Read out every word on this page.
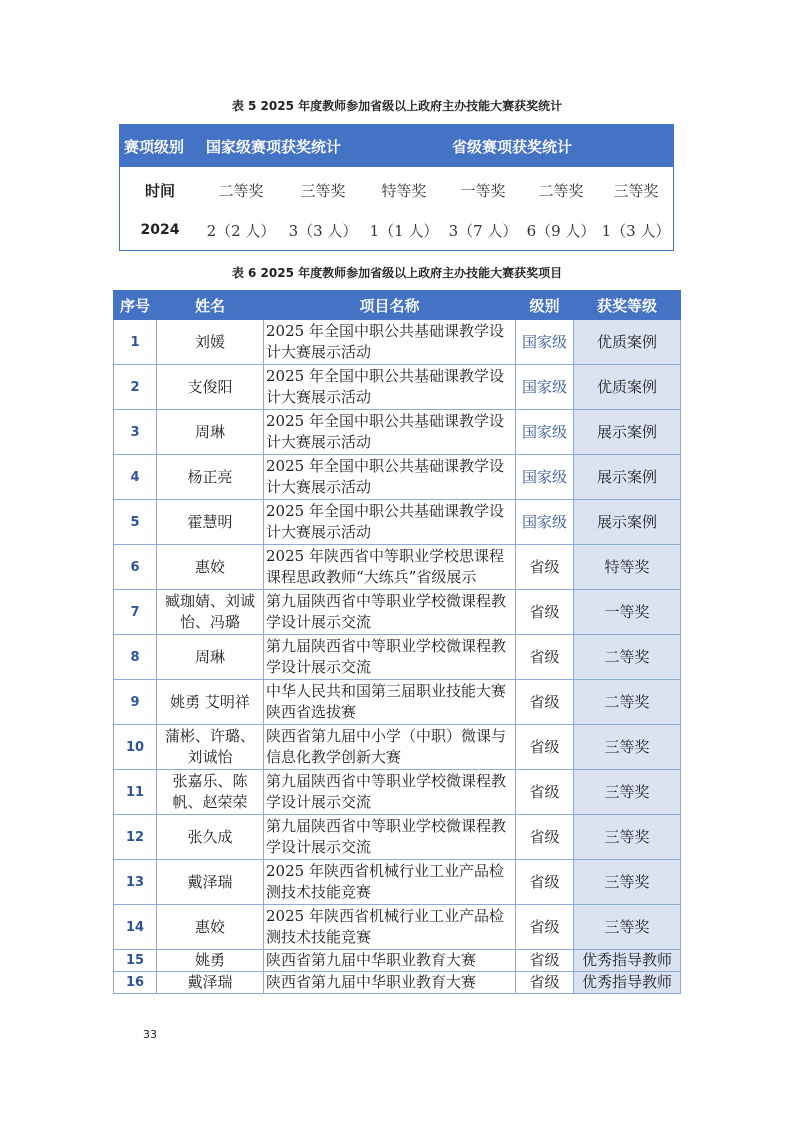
表 5 2025 年度教师参加省级以上政府主办技能大赛获奖统计
赛项级别 国家级赛项获奖统计	省级赛项获奖统计
时间	二等奖	三等奖	特等奖	一等奖	二等奖	三等奖
2024	2（2 人） 3（3 人） 1（1 人） 3（7 人） 6（9 人） 1（3 人）
表 6 2025 年度教师参加省级以上政府主办技能大赛获奖项目
序号	姓名	项目名称	级别	获奖等级
1	刘媛	2025 年全国中职公共基础课教学设计大赛展示活动	国家级	优质案例
2	支俊阳	2025 年全国中职公共基础课教学设计大赛展示活动	国家级	优质案例
3	周琳	2025 年全国中职公共基础课教学设计大赛展示活动	国家级	展示案例
4	杨正亮	2025 年全国中职公共基础课教学设计大赛展示活动	国家级	展示案例
5	霍慧明	2025 年全国中职公共基础课教学设计大赛展示活动	国家级	展示案例
6	惠姣	2025 年陕西省中等职业学校思课程课程思政教师“大练兵”省级展示	省级	特等奖
7	臧珈婧、刘诚怡、冯璐	第九届陕西省中等职业学校微课程教学设计展示交流	省级	一等奖
8	周琳	第九届陕西省中等职业学校微课程教学设计展示交流	省级	二等奖
9	姚勇 艾明祥	中华人民共和国第三届职业技能大赛陕西省选拔赛	省级	二等奖
10	蒲彬、许璐、刘诚怡	陕西省第九届中小学（中职）微课与信息化教学创新大赛	省级	三等奖
11	张嘉乐、陈帆、赵荣荣	第九届陕西省中等职业学校微课程教学设计展示交流	省级	三等奖
12	张久成	第九届陕西省中等职业学校微课程教学设计展示交流	省级	三等奖
13	戴泽瑞	2025 年陕西省机械行业工业产品检测技术技能竞赛	省级	三等奖
14	惠姣	2025 年陕西省机械行业工业产品检测技术技能竞赛	省级	三等奖
15	姚勇	陕西省第九届中华职业教育大赛	省级	优秀指导教师
16	戴泽瑞	陕西省第九届中华职业教育大赛	省级	优秀指导教师
33
